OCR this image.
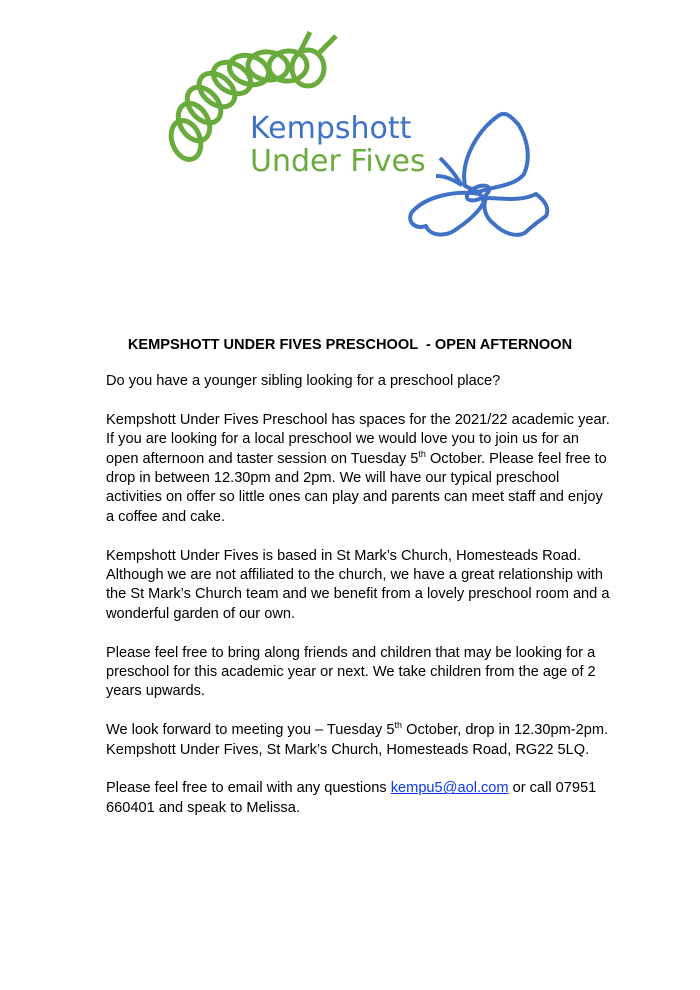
Kempshott
Under Fives
KEMPSHOTT UNDER FIVES PRESCHOOL  - OPEN AFTERNOON

Do you have a younger sibling looking for a preschool place?

Kempshott Under Fives Preschool has spaces for the 2021/22 academic year.
If you are looking for a local preschool we would love you to join us for an
open afternoon and taster session on Tuesday 5th October. Please feel free to
drop in between 12.30pm and 2pm. We will have our typical preschool
activities on offer so little ones can play and parents can meet staff and enjoy
a coffee and cake.

Kempshott Under Fives is based in St Mark’s Church, Homesteads Road.
Although we are not affiliated to the church, we have a great relationship with
the St Mark’s Church team and we benefit from a lovely preschool room and a
wonderful garden of our own.

Please feel free to bring along friends and children that may be looking for a
preschool for this academic year or next. We take children from the age of 2
years upwards.

We look forward to meeting you – Tuesday 5th October, drop in 12.30pm-2pm.
Kempshott Under Fives, St Mark’s Church, Homesteads Road, RG22 5LQ.

Please feel free to email with any questions kempu5@aol.com or call 07951
660401 and speak to Melissa.
